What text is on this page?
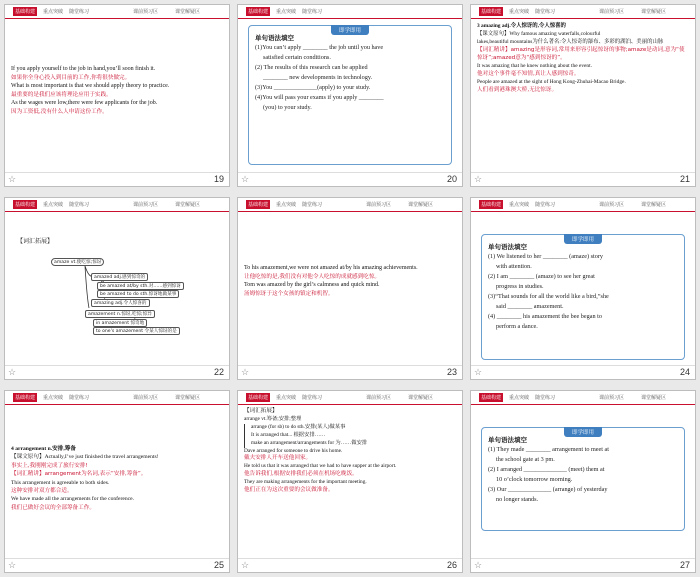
基础构建	重点突破 随堂练习	课前预习区	课堂解疑区

If you apply yourself to the job in hand,you’ll soon finish it.

如果你全身心投入到目前的工作,你将很快做完。

What is most important is that we should apply theory to practice.

最重要的是我们应该将理论应用于实践。

As the wages were low,there were few applicants for the job.

因为工资低,没有什么人申请这份工作。

☆	19
基础构建	重点突破 随堂练习
即学即用
单句语法填空

(1)You can’t apply ________ the job until you have

satisfied certain conditions.

(2) The results of this research can be applied

________ new developments in technology.

(3)You ______________(apply) to your study.

(4)You will pass your exams if you apply ________

(you) to your study.

☆	20
基础构建	重点突破 随堂练习	课前预习区	课堂解疑区

3 amazing adj.令人惊讶的,令人惊喜的

【课文原句】Why famous amazing waterfalls,colourful

lakes,beautiful mountains为什么著名:令人惊奇的瀑布、多彩的湖泊、美丽的山脉

【词汇精讲】amazing是形容词,常用来形容引起惊讶的事物;amaze是动词,意为“使惊讶”;amazed意为“感到惊讶的”。

It was amazing that he knew nothing about the event.

他对这个事件毫不知情,真让人感到惊奇。

People are amazed at the sight of Hong Kong-Zhuhai-Macao Bridge.

人们看到港珠澳大桥,无比惊讶。

☆	21
基础构建	重点突破 随堂练习	课前预习区	课堂解疑区
【词汇拓展】
amaze vt.使吃惊;惊讶
amazed adj.感到惊奇的
be amazed at/by sth.对……感到惊讶
be amazed to do sth.惊讶地做某事
amazing adj.令人惊喜的
amazement n.惊讶,吃惊;惊异
in amazement 惊奇地
to one's amazement 令某人惊讶的是
☆	22
基础构建	重点突破 随堂练习	课前预习区	课堂解疑区

To his amazement,we were not amazed at/by his amazing achievements.

让他吃惊的是,我们没有对他令人吃惊的成就感到吃惊。

Tom was amazed by the girl’s calmness and quick mind.

汤姆惊讶于这个女孩的镇定和机智。

☆	23
基础构建	重点突破 随堂练习	课前预习区	课堂解疑区
即学即用
单句语法填空

(1) We listened to her ________ (amaze) story

with attention.

(2) I am ________ (amaze) to see her great

progress in studies.

(3)“That sounds for all the world like a bird,”she

said ________ amazement.

(4) ________ his amazement the bee began to

perform a dance.

☆	24
基础构建	重点突破 随堂练习	课前预习区	课堂解疑区

4 arrangement n.安排,筹备

【课文原句】Actually,I’ve just finished the travel arrangements!

事实上,我刚刚完成了旅行安排!

【词汇精讲】arrangement为名词,表示“安排,筹备”。

This arrangement is agreeable to both sides.

这种安排对双方都合适。

We have made all the arrangements for the conference.

我们已做好会议的全部筹备工作。

☆	25
基础构建	重点突破 随堂练习	课前预习区	课堂解疑区

【词汇拓展】

arrange vt.筹备;安排;整理

arrange (for sb) to do sth.安排(某人)做某事

It is arranged that... 根据安排……

make an arrangement/arrangements for 为……做安排

Dave arranged for someone to drive his home.

戴夫安排人开车送他回家。

He told us that it was arranged that we had to have supper at the airport.

他告诉我们,根据安排我们必须在机场吃晚饭。

They are making arrangements for the important meeting.

他们正在为这次重要的会议做准备。

☆	26
基础构建	重点突破 随堂练习	课前预习区	课堂解疑区
即学即用
单句语法填空

(1) They made ________ arrangement to meet at

the school gate at 3 pm.

(2) I arranged ______________ (meet) them at

10 o’clock tomorrow morning.

(3) Our ______________ (arrange) of yesterday

no longer stands.

☆	27
